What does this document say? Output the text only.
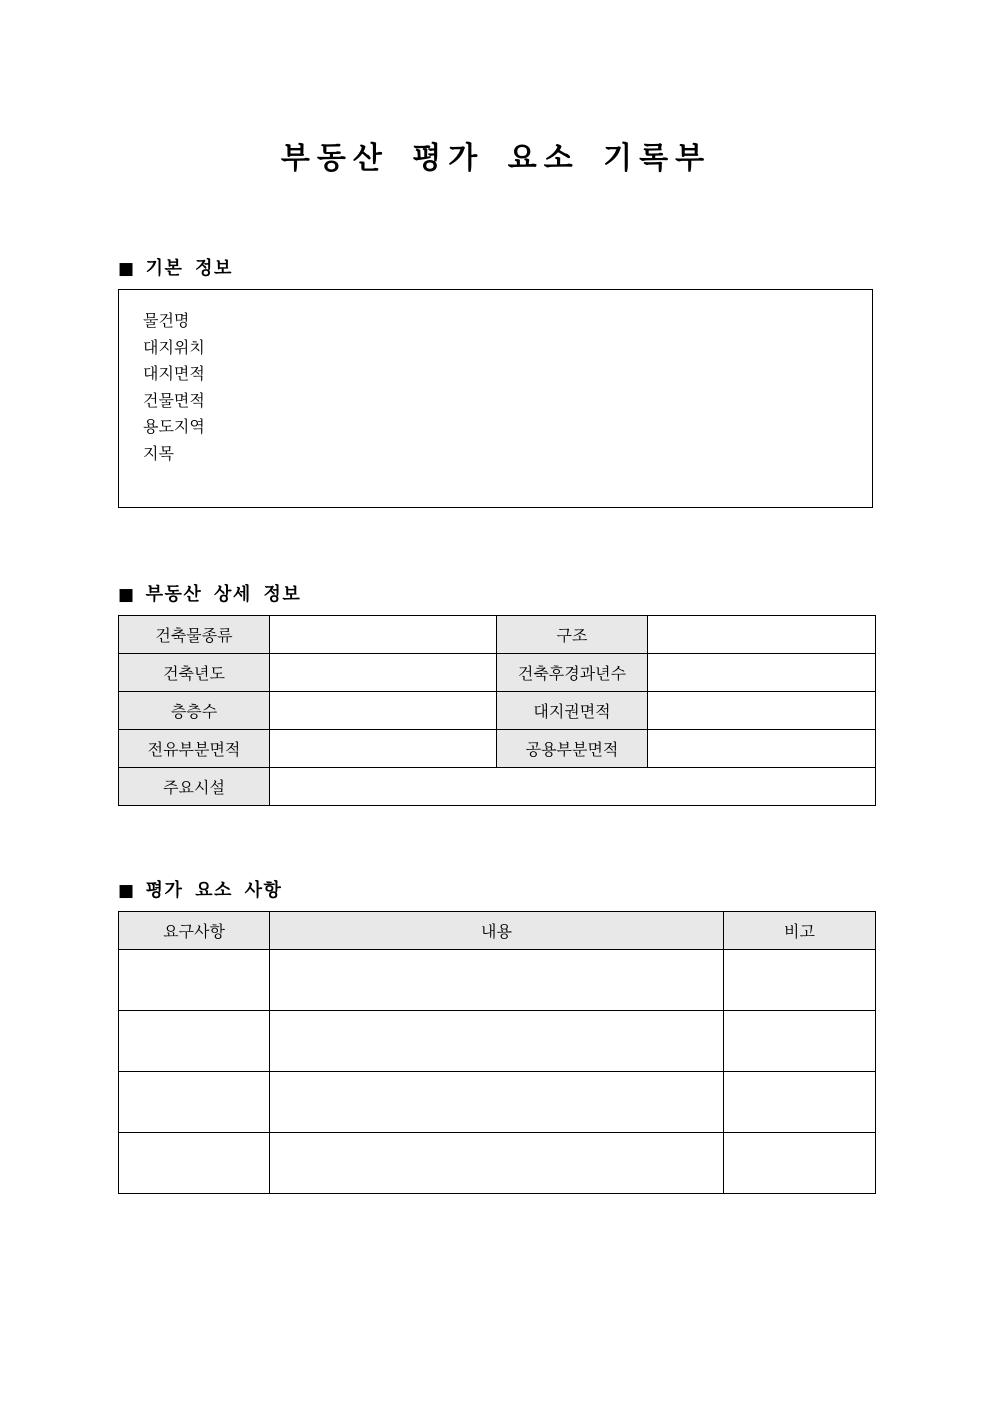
부동산 평가 요소 기록부
■ 기본 정보
물건명
대지위치
대지면적
건물면적
용도지역
지목
■ 부동산 상세 정보
건축물종류		구조	
건축년도		건축후경과년수	
층층수		대지권면적	
전유부분면적		공용부분면적	
주요시설			
■ 평가 요소 사항
요구사항	내용	비고
